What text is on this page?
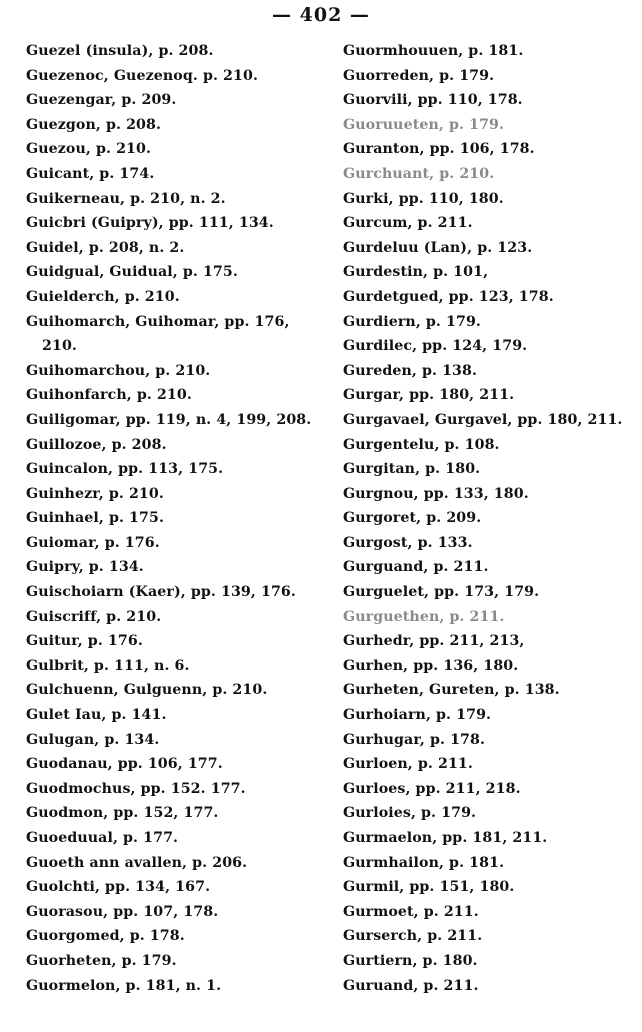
— 402 —
Guezel (insula), p. 208.
Guezenoc, Guezenoq. p. 210.
Guezengar, p. 209.
Guezgon, p. 208.
Guezou, p. 210.
Guicant, p. 174.
Guikerneau, p. 210, n. 2.
Guicbri (Guipry), pp. 111, 134.
Guidel, p. 208, n. 2.
Guidgual, Guidual, p. 175.
Guielderch, p. 210.
Guihomarch, Guihomar, pp. 176, 210.
Guihomarchou, p. 210.
Guihonfarch, p. 210.
Guiligomar, pp. 119, n. 4, 199, 208.
Guillozoe, p. 208.
Guincalon, pp. 113, 175.
Guinhezr, p. 210.
Guinhael, p. 175.
Guiomar, p. 176.
Guipry, p. 134.
Guischoiarn (Kaer), pp. 139, 176.
Guiscriff, p. 210.
Guitur, p. 176.
Gulbrit, p. 111, n. 6.
Gulchuenn, Gulguenn, p. 210.
Gulet Iau, p. 141.
Gulugan, p. 134.
Guodanau, pp. 106, 177.
Guodmochus, pp. 152. 177.
Guodmon, pp. 152, 177.
Guoeduual, p. 177.
Guoeth ann avallen, p. 206.
Guolchti, pp. 134, 167.
Guorasou, pp. 107, 178.
Guorgomed, p. 178.
Guorheten, p. 179.
Guormelon, p. 181, n. 1.
Guormhouuen, p. 181.
Guorreden, p. 179.
Guorvili, pp. 110, 178.
Guoruueten, p. 179.
Guranton, pp. 106, 178.
Gurchuant, p. 210.
Gurki, pp. 110, 180.
Gurcum, p. 211.
Gurdeluu (Lan), p. 123.
Gurdestin, p. 101,
Gurdetgued, pp. 123, 178.
Gurdiern, p. 179.
Gurdilec, pp. 124, 179.
Gureden, p. 138.
Gurgar, pp. 180, 211.
Gurgavael, Gurgavel, pp. 180, 211.
Gurgentelu, p. 108.
Gurgitan, p. 180.
Gurgnou, pp. 133, 180.
Gurgoret, p. 209.
Gurgost, p. 133.
Gurguand, p. 211.
Gurguelet, pp. 173, 179.
Gurguethen, p. 211.
Gurhedr, pp. 211, 213,
Gurhen, pp. 136, 180.
Gurheten, Gureten, p. 138.
Gurhoiarn, p. 179.
Gurhugar, p. 178.
Gurloen, p. 211.
Gurloes, pp. 211, 218.
Gurloies, p. 179.
Gurmaelon, pp. 181, 211.
Gurmhailon, p. 181.
Gurmil, pp. 151, 180.
Gurmoet, p. 211.
Gurserch, p. 211.
Gurtiern, p. 180.
Guruand, p. 211.
